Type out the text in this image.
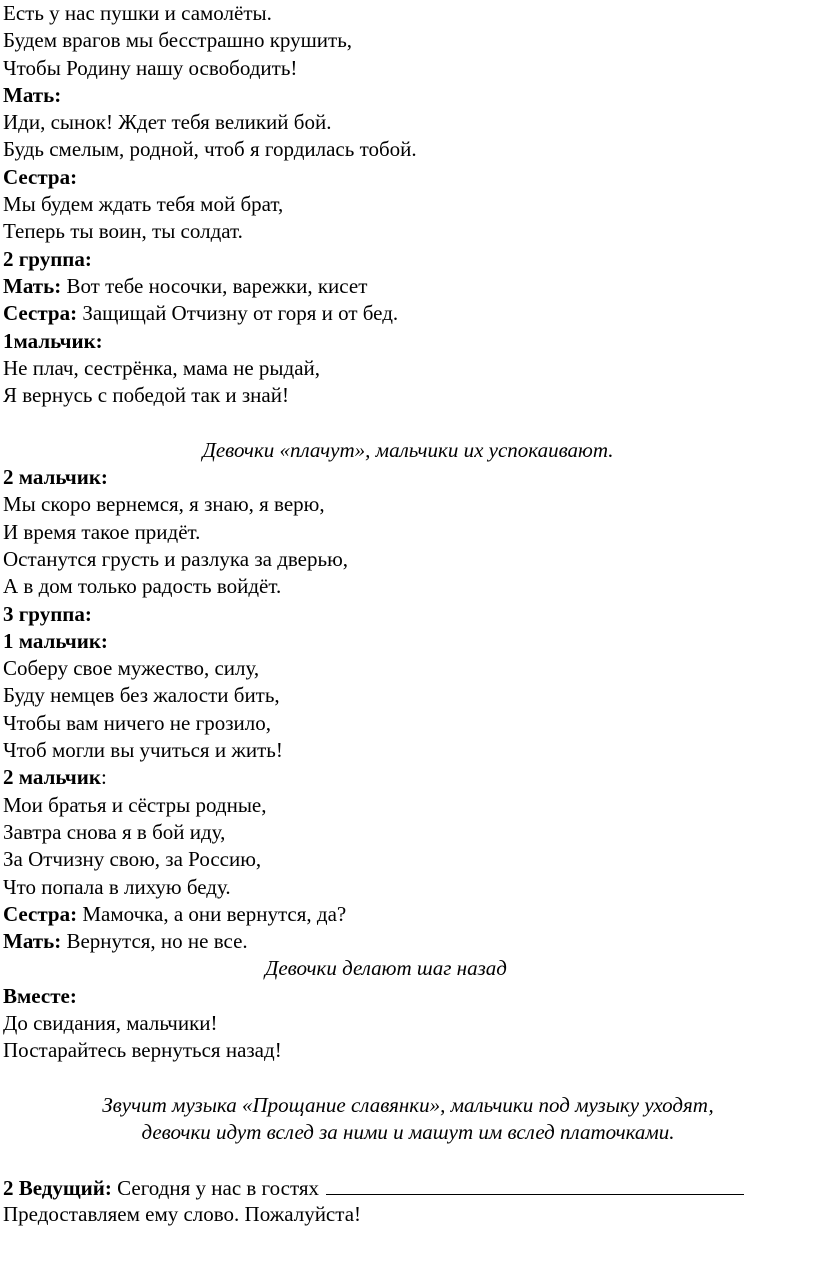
Есть у нас пушки и самолёты.
Будем врагов мы бесстрашно крушить,
Чтобы Родину нашу освободить!
Мать:
Иди, сынок! Ждет тебя великий бой.
Будь смелым, родной, чтоб я гордилась тобой.
Сестра:
Мы будем ждать тебя мой брат,
Теперь ты воин, ты солдат.
2 группа:
Мать: Вот тебе носочки, варежки, кисет
Сестра: Защищай Отчизну от горя и от бед.
1мальчик:
Не плач, сестрёнка, мама не рыдай,
Я вернусь с победой так и знай!
Девочки «плачут», мальчики их успокаивают.
2 мальчик:
Мы скоро вернемся, я знаю, я верю,
И время такое придёт.
Останутся грусть и разлука за дверью,
А в дом только радость войдёт.
3 группа:
1 мальчик:
Соберу свое мужество, силу,
Буду немцев без жалости бить,
Чтобы вам ничего не грозило,
Чтоб могли вы учиться и жить!
2 мальчик:
Мои братья и сёстры родные,
Завтра снова я в бой иду,
За Отчизну свою, за Россию,
Что попала в лихую беду.
Сестра: Мамочка, а они вернутся, да?
Мать: Вернутся, но не все.
Девочки делают шаг назад
Вместе:
До свидания, мальчики!
Постарайтесь вернуться назад!
Звучит музыка «Прощание славянки», мальчики под музыку уходят,
девочки идут вслед за ними и машут им вслед платочками.
2 Ведущий: Сегодня у нас в гостях
Предоставляем ему слово. Пожалуйста!
